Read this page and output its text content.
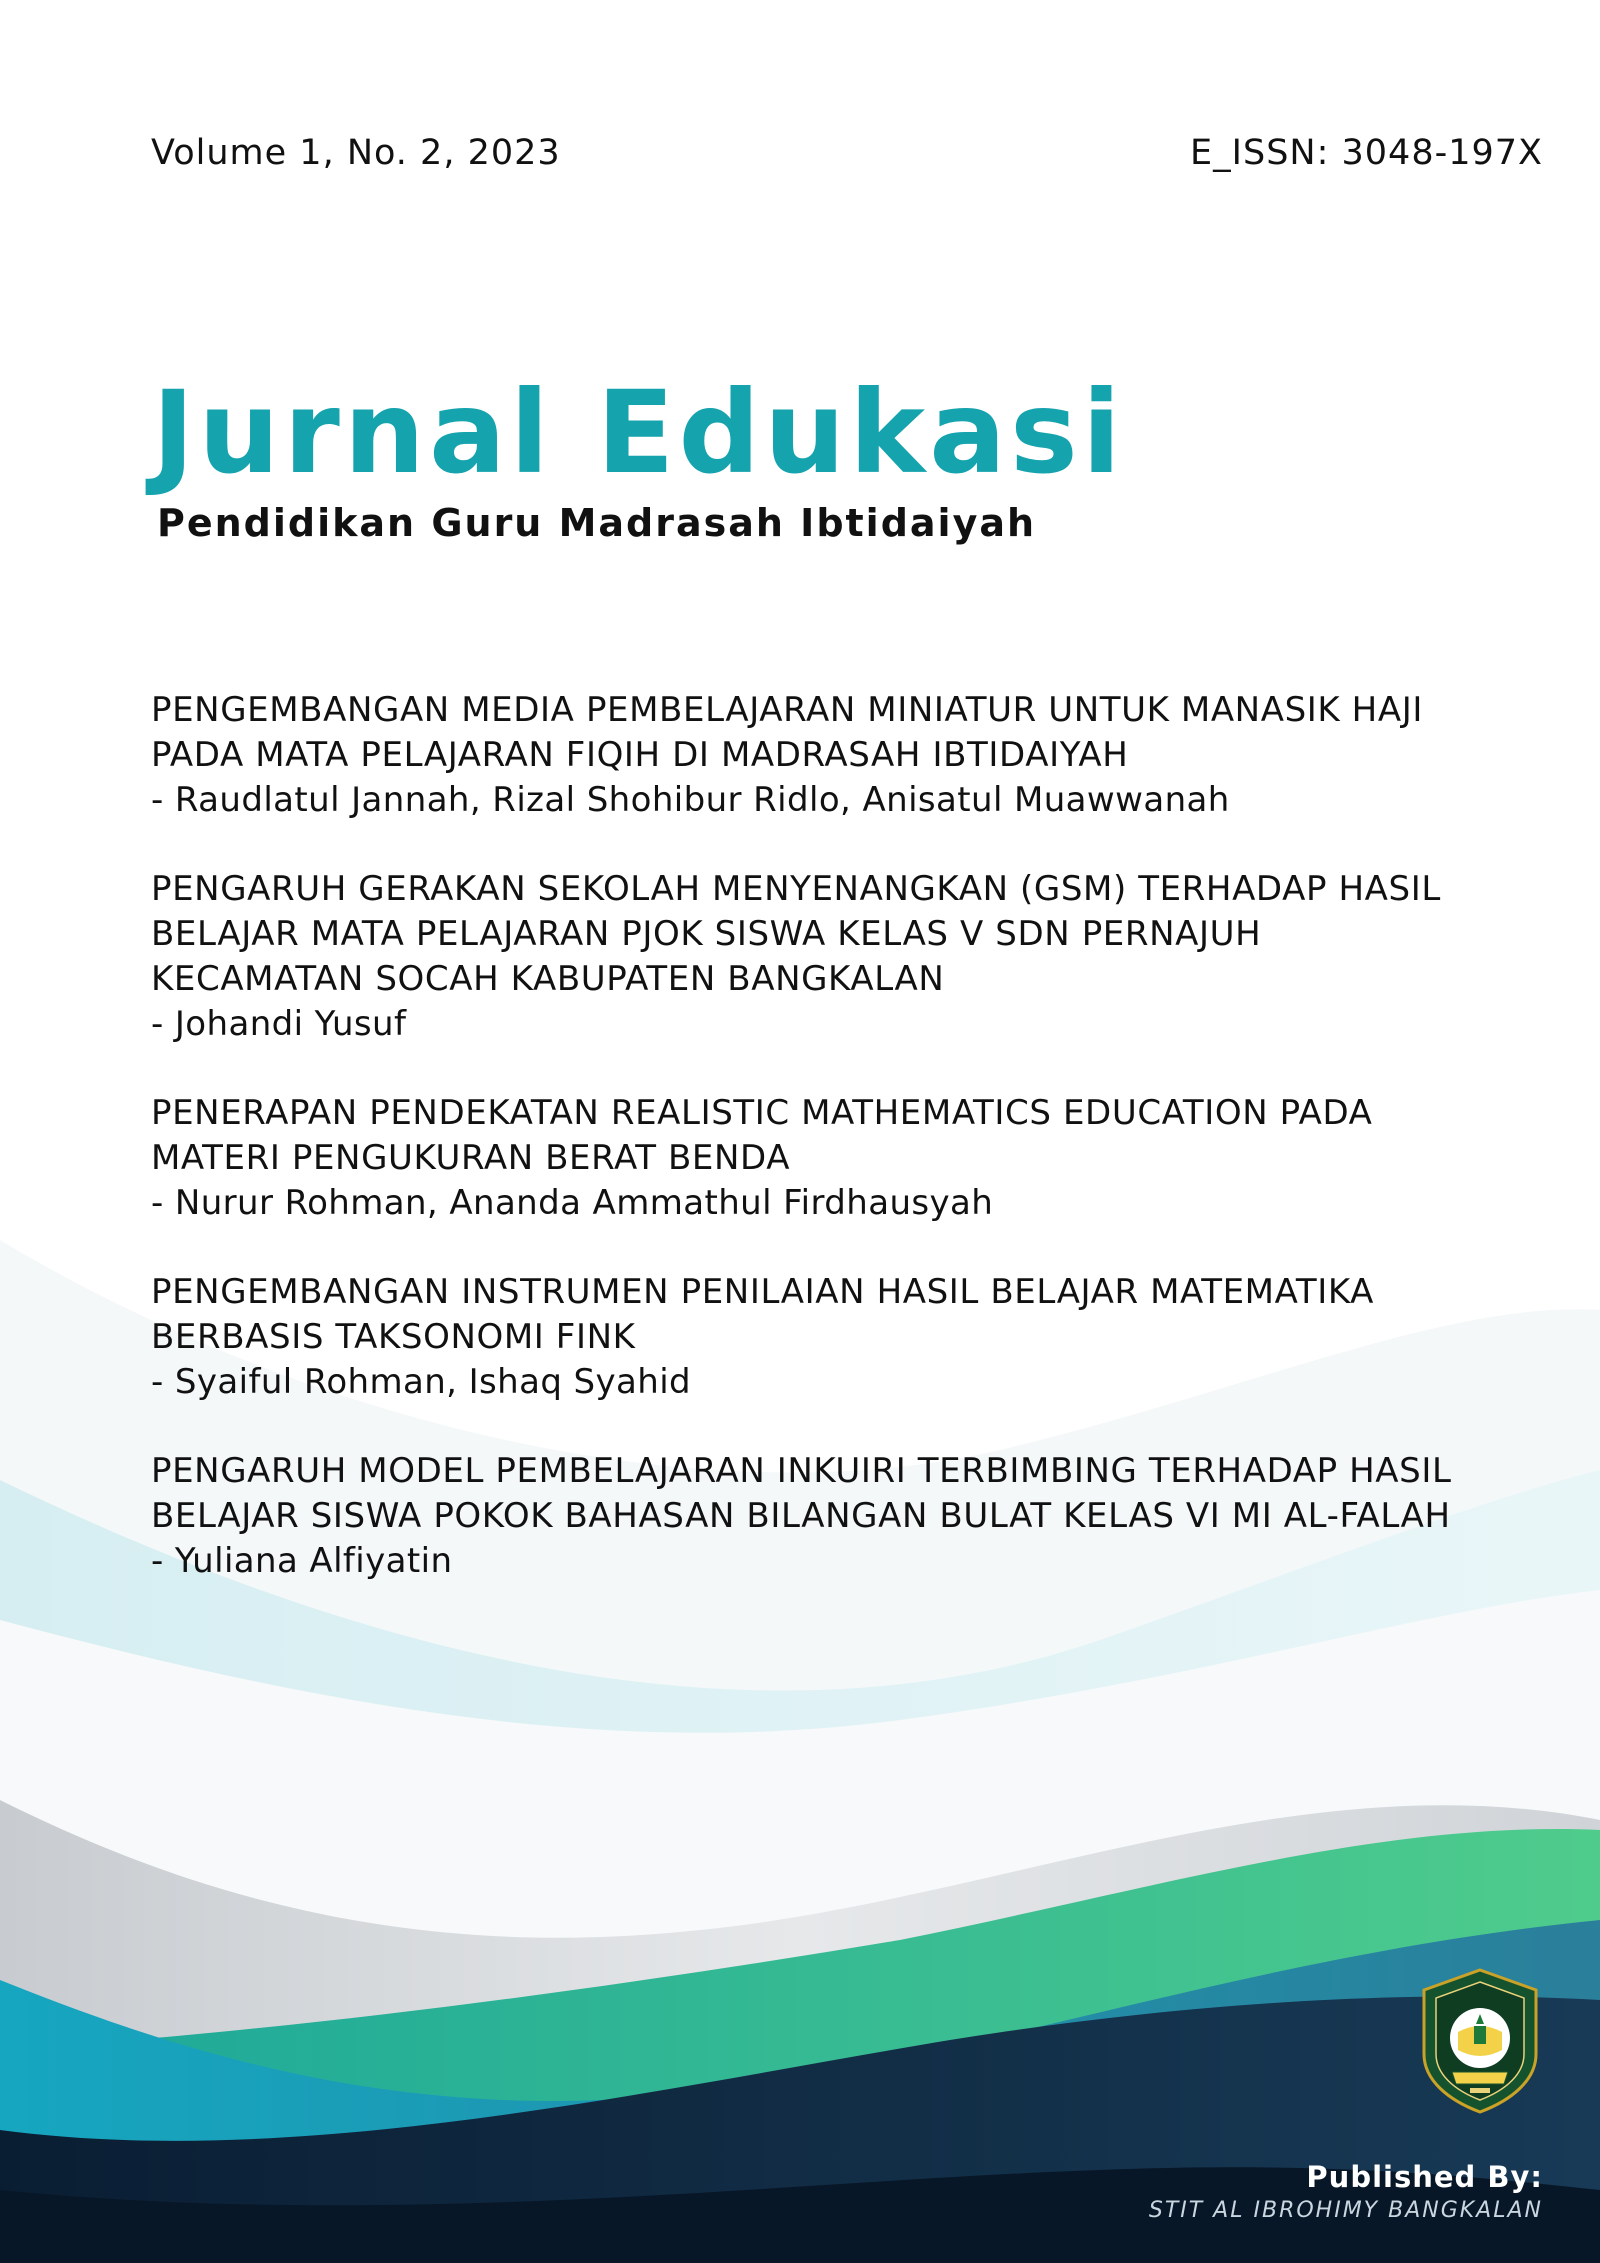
Volume 1, No. 2, 2023	E_ISSN: 3048-197X
Jurnal Edukasi
Pendidikan Guru Madrasah Ibtidaiyah
PENGEMBANGAN MEDIA PEMBELAJARAN MINIATUR UNTUK MANASIK HAJI PADA MATA PELAJARAN FIQIH DI MADRASAH IBTIDAIYAH
- Raudlatul Jannah, Rizal Shohibur Ridlo, Anisatul Muawwanah
PENGARUH GERAKAN SEKOLAH MENYENANGKAN (GSM) TERHADAP HASIL BELAJAR MATA PELAJARAN PJOK SISWA KELAS V SDN PERNAJUH KECAMATAN SOCAH KABUPATEN BANGKALAN
- Johandi Yusuf
PENERAPAN PENDEKATAN REALISTIC MATHEMATICS EDUCATION PADA MATERI PENGUKURAN BERAT BENDA
- Nurur Rohman, Ananda Ammathul Firdhausyah
PENGEMBANGAN INSTRUMEN PENILAIAN HASIL BELAJAR MATEMATIKA BERBASIS TAKSONOMI FINK
- Syaiful Rohman, Ishaq Syahid
PENGARUH MODEL PEMBELAJARAN INKUIRI TERBIMBING TERHADAP HASIL BELAJAR SISWA POKOK BAHASAN BILANGAN BULAT KELAS VI MI AL-FALAH
- Yuliana Alfiyatin
Published By:
STIT AL IBROHIMY BANGKALAN
